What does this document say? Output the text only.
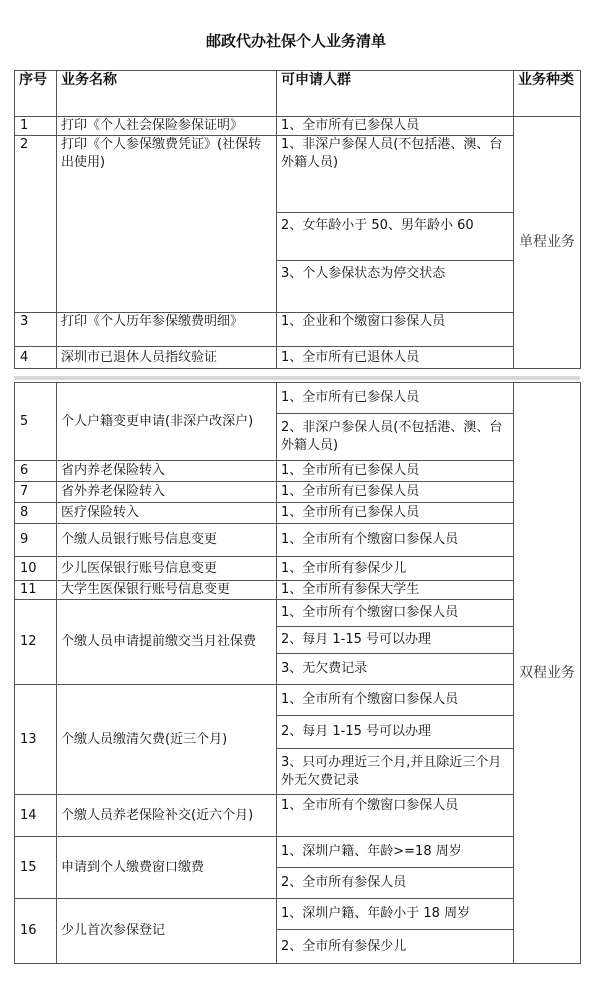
邮政代办社保个人业务清单
序号	业务名称	可申请人群	业务种类
1	打印《个人社会保险参保证明》	1、全市所有已参保人员	单程业务
2	打印《个人参保缴费凭证》(社保转出使用)	1、非深户参保人员(不包括港、澳、台外籍人员)	
		2、女年龄小于 50、男年龄小 60	
		3、个人参保状态为停交状态	
3	打印《个人历年参保缴费明细》	1、企业和个缴窗口参保人员	
4	深圳市已退休人员指纹验证	1、全市所有已退休人员	
5	个人户籍变更申请(非深户改深户)	1、全市所有已参保人员	双程业务
		2、非深户参保人员(不包括港、澳、台外籍人员)	
6	省内养老保险转入	1、全市所有已参保人员	
7	省外养老保险转入	1、全市所有已参保人员	
8	医疗保险转入	1、全市所有已参保人员	
9	个缴人员银行账号信息变更	1、全市所有个缴窗口参保人员	
10	少儿医保银行账号信息变更	1、全市所有参保少儿	
11	大学生医保银行账号信息变更	1、全市所有参保大学生	
12	个缴人员申请提前缴交当月社保费	1、全市所有个缴窗口参保人员	
		2、每月 1-15 号可以办理	
		3、无欠费记录	
13	个缴人员缴清欠费(近三个月)	1、全市所有个缴窗口参保人员	
		2、每月 1-15 号可以办理	
		3、只可办理近三个月,并且除近三个月外无欠费记录	
14	个缴人员养老保险补交(近六个月)	1、全市所有个缴窗口参保人员	
15	申请到个人缴费窗口缴费	1、深圳户籍、年龄>=18 周岁	
		2、全市所有参保人员	
16	少儿首次参保登记	1、深圳户籍、年龄小于 18 周岁	
		2、全市所有参保少儿	
